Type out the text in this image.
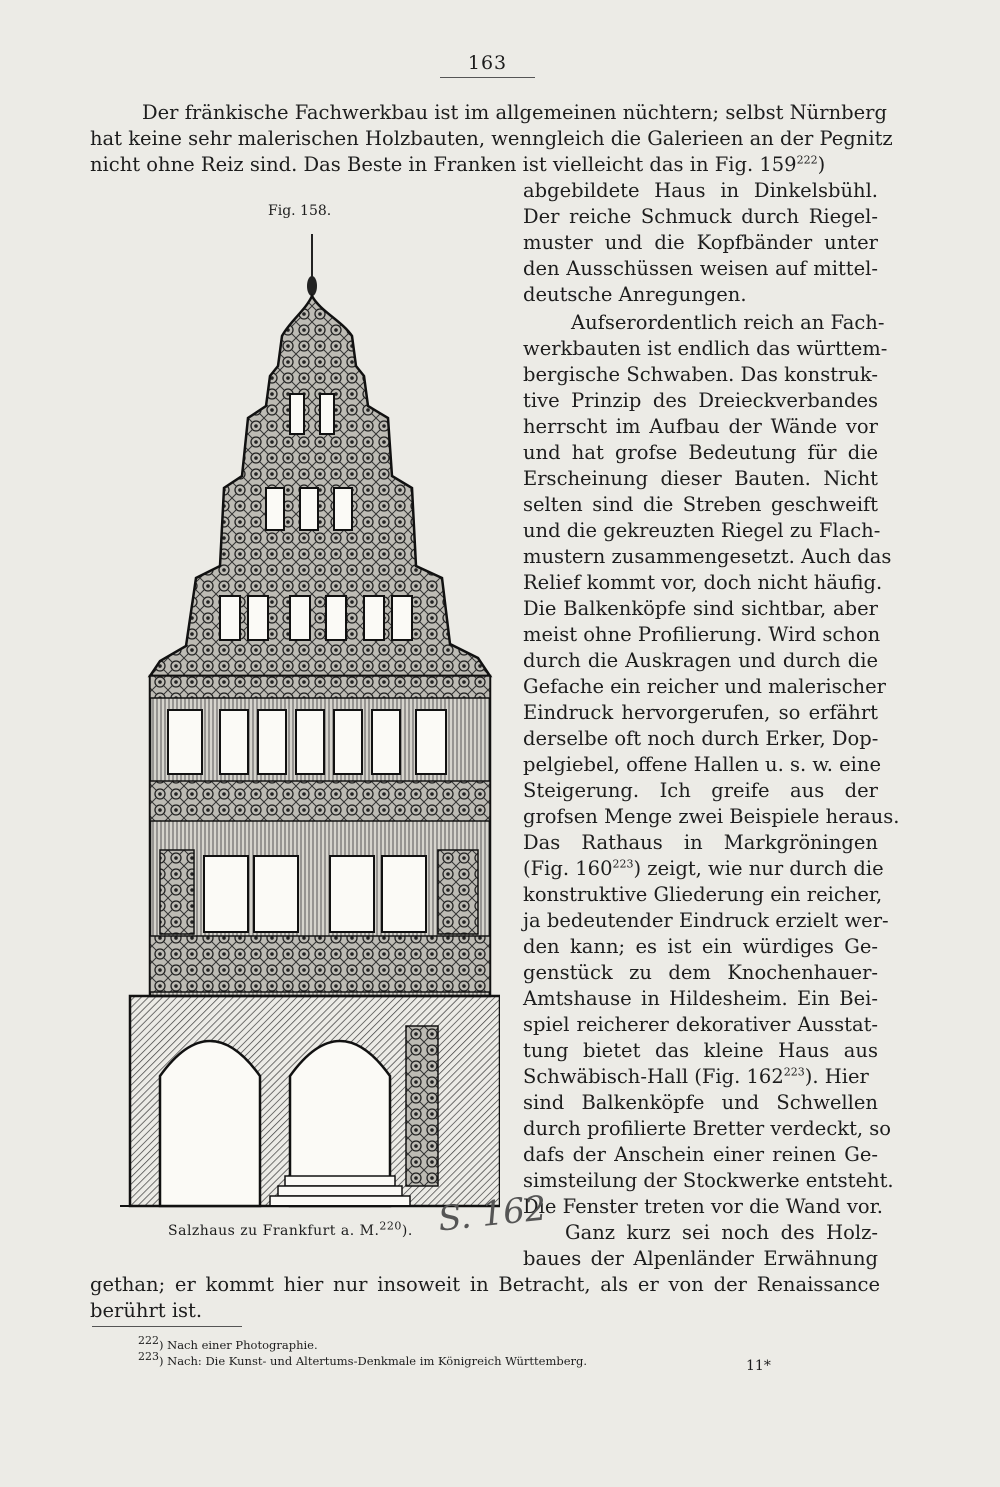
163
Der fränkische Fachwerkbau ist im allgemeinen nüchtern; selbst Nürnberg
hat keine sehr malerischen Holzbauten, wenngleich die Galerieen an der Pegnitz
nicht ohne Reiz sind. Das Beste in Franken ist vielleicht das in Fig. $159^{222}$)
abgebildete Haus in Dinkelsbühl.
Der reiche Schmuck durch Riegel-
muster und die Kopfbänder unter
den Ausschüssen weisen auf mittel-
deutsche Anregungen.
Aufserordentlich reich an Fach-
werkbauten ist endlich das württem-
bergische Schwaben. Das konstruk-
tive Prinzip des Dreieckverbandes
herrscht im Aufbau der Wände vor
und hat grofse Bedeutung für die
Erscheinung dieser Bauten. Nicht
selten sind die Streben geschweift
und die gekreuzten Riegel zu Flach-
mustern zusammengesetzt. Auch das
Relief kommt vor, doch nicht häufig.
Die Balkenköpfe sind sichtbar, aber
meist ohne Profilierung. Wird schon
durch die Auskragen und durch die
Gefache ein reicher und malerischer
Eindruck hervorgerufen, so erfährt
derselbe oft noch durch Erker, Dop-
pelgiebel, offene Hallen u. s. w. eine
Steigerung. Ich greife aus der
grofsen Menge zwei Beispiele heraus.
Das Rathaus in Markgröningen
(Fig. $160^{223}$) zeigt, wie nur durch die
konstruktive Gliederung ein reicher,
ja bedeutender Eindruck erzielt wer-
den kann; es ist ein würdiges Ge-
genstück zu dem Knochenhauer-
Amtshause in Hildesheim. Ein Bei-
spiel reicherer dekorativer Ausstat-
tung bietet das kleine Haus aus
Schwäbisch-Hall (Fig. $162^{223}$). Hier
sind Balkenköpfe und Schwellen
durch profilierte Bretter verdeckt, so
dafs der Anschein einer reinen Ge-
simsteilung der Stockwerke entsteht.
Die Fenster treten vor die Wand vor.
Ganz kurz sei noch des Holz-
baues der Alpenländer Erwähnung
gethan; er kommt hier nur insoweit in Betracht, als er von der Renaissance
berührt ist.
Fig. 158.
Salzhaus zu Frankfurt a. M.$^{220}$). S. 162
$^{222}$) Nach einer Photographie.
$^{223}$) Nach: Die Kunst- und Altertums-Denkmale im Königreich Württemberg.	11*
